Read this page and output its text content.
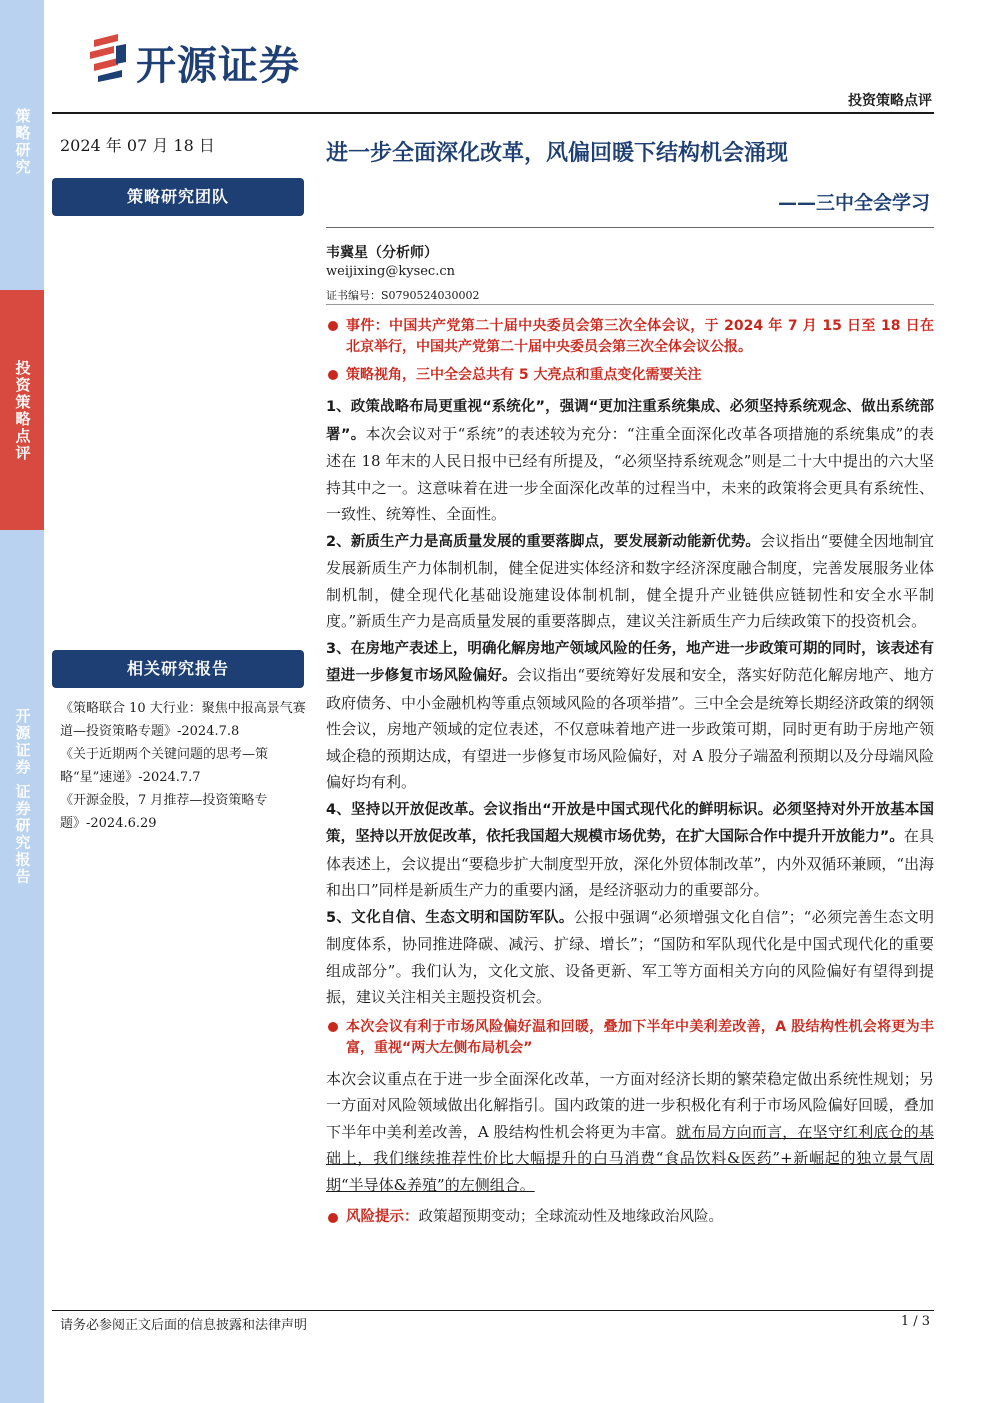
策略研究
投资策略点评
开源证券 证券研究报告
开源证券
投资策略点评
2024 年 07 月 18 日
策略研究团队
相关研究报告

《策略联合 10 大行业：聚焦中报高景气赛道—投资策略专题》-2024.7.8

《关于近期两个关键问题的思考—策略“星”速递》-2024.7.7

《开源金股，7 月推荐—投资策略专题》-2024.6.29

进一步全面深化改革，风偏回暖下结构机会涌现
——三中全会学习
韦冀星（分析师）
weijixing@kysec.cn
证书编号：S0790524030002
事件：中国共产党第二十届中央委员会第三次全体会议，于 2024 年 7 月 15 日至 18 日在北京举行，中国共产党第二十届中央委员会第三次全体会议公报。
策略视角，三中全会总共有 5 大亮点和重点变化需要关注

1、政策战略布局更重视“系统化”，强调“更加注重系统集成、必须坚持系统观念、做出系统部署”。本次会议对于“系统”的表述较为充分：“注重全面深化改革各项措施的系统集成”的表述在 18 年末的人民日报中已经有所提及，“必须坚持系统观念”则是二十大中提出的六大坚持其中之一。这意味着在进一步全面深化改革的过程当中，未来的政策将会更具有系统性、一致性、统筹性、全面性。

2、新质生产力是高质量发展的重要落脚点，要发展新动能新优势。会议指出“要健全因地制宜发展新质生产力体制机制，健全促进实体经济和数字经济深度融合制度，完善发展服务业体制机制，健全现代化基础设施建设体制机制，健全提升产业链供应链韧性和安全水平制度。”新质生产力是高质量发展的重要落脚点，建议关注新质生产力后续政策下的投资机会。

3、在房地产表述上，明确化解房地产领域风险的任务，地产进一步政策可期的同时，该表述有望进一步修复市场风险偏好。会议指出“要统筹好发展和安全，落实好防范化解房地产、地方政府债务、中小金融机构等重点领域风险的各项举措”。三中全会是统筹长期经济政策的纲领性会议，房地产领域的定位表述，不仅意味着地产进一步政策可期，同时更有助于房地产领域企稳的预期达成，有望进一步修复市场风险偏好，对 A 股分子端盈利预期以及分母端风险偏好均有利。

4、坚持以开放促改革。会议指出“开放是中国式现代化的鲜明标识。必须坚持对外开放基本国策，坚持以开放促改革，依托我国超大规模市场优势，在扩大国际合作中提升开放能力”。在具体表述上，会议提出“要稳步扩大制度型开放，深化外贸体制改革”，内外双循环兼顾，“出海和出口”同样是新质生产力的重要内涵，是经济驱动力的重要部分。

5、文化自信、生态文明和国防军队。公报中强调“必须增强文化自信”；“必须完善生态文明制度体系，协同推进降碳、减污、扩绿、增长”；“国防和军队现代化是中国式现代化的重要组成部分”。我们认为，文化文旅、设备更新、军工等方面相关方向的风险偏好有望得到提振，建议关注相关主题投资机会。

本次会议有利于市场风险偏好温和回暖，叠加下半年中美利差改善，A 股结构性机会将更为丰富，重视“两大左侧布局机会”

本次会议重点在于进一步全面深化改革，一方面对经济长期的繁荣稳定做出系统性规划；另一方面对风险领域做出化解指引。国内政策的进一步积极化有利于市场风险偏好回暖，叠加下半年中美利差改善，A 股结构性机会将更为丰富。就布局方向而言，在坚守红利底仓的基础上，我们继续推荐性价比大幅提升的白马消费“食品饮料&医药”+新崛起的独立景气周期“半导体&养殖”的左侧组合。

风险提示：政策超预期变动；全球流动性及地缘政治风险。
请务必参阅正文后面的信息披露和法律声明	1 / 3
